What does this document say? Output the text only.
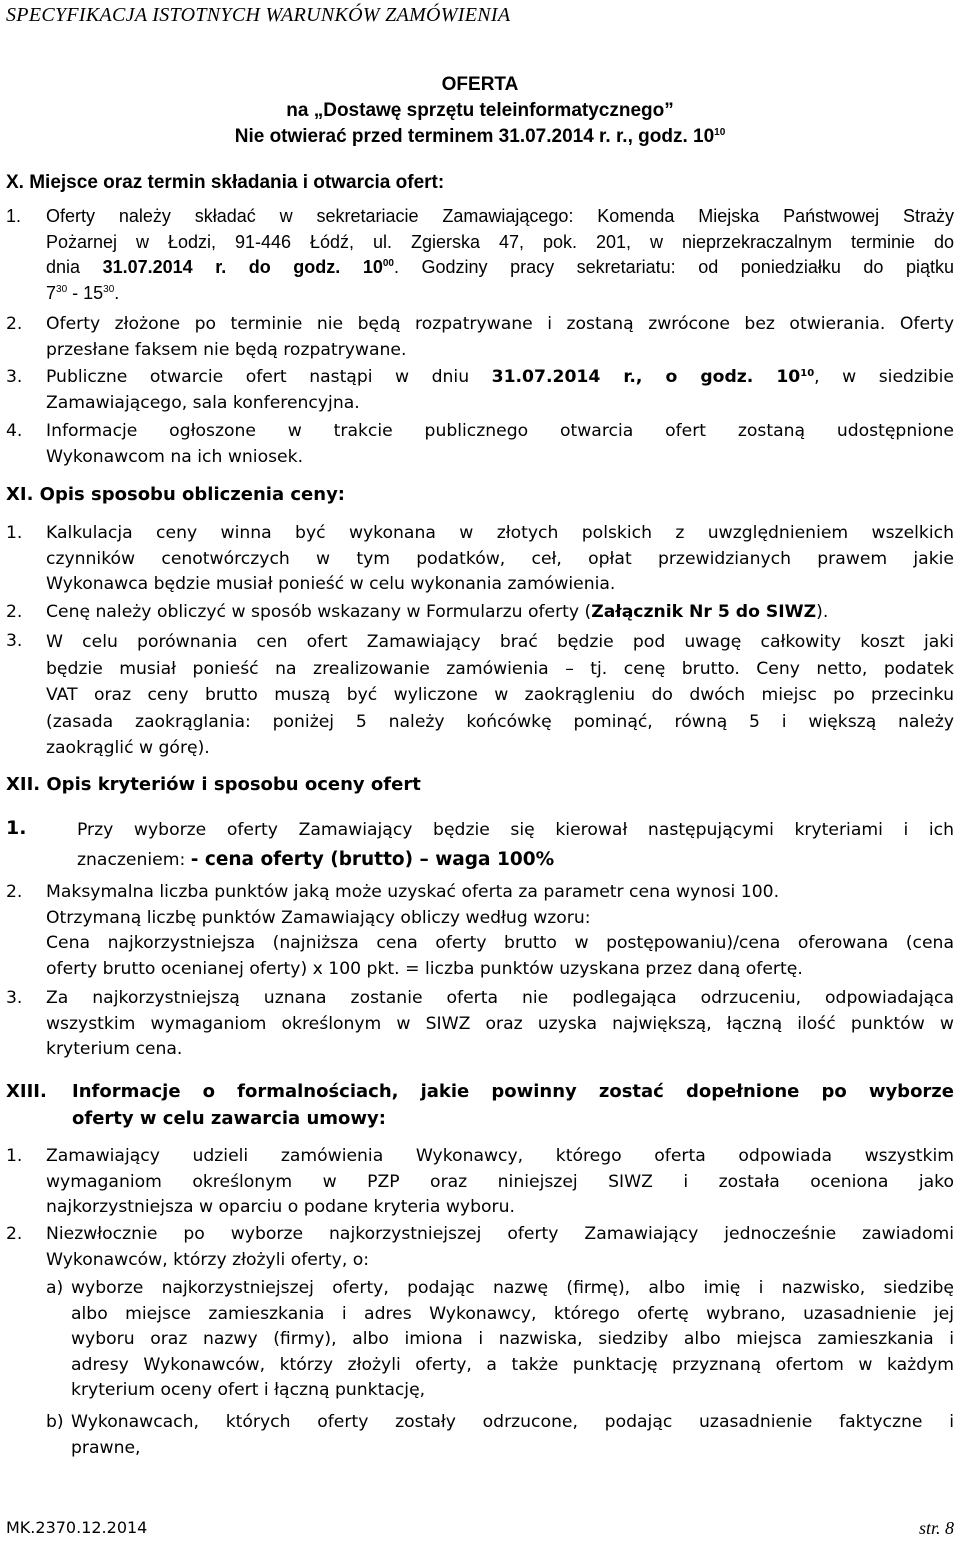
SPECYFIKACJA ISTOTNYCH WARUNKÓW ZAMÓWIENIA
OFERTA
na „Dostawę sprzętu teleinformatycznego”
Nie otwierać przed terminem 31.07.2014 r. r., godz. $10^{10}$
X. Miejsce oraz termin składania i otwarcia ofert:
1. Oferty należy składać w sekretariacie Zamawiającego: Komenda Miejska Państwowej Straży
Pożarnej w Łodzi, 91-446 Łódź, ul. Zgierska 47, pok. 201, w nieprzekraczalnym terminie do
dnia 31.07.2014 r. do godz. $10^{00}$. Godziny pracy sekretariatu: od poniedziałku do piątku
$7^{30} - 15^{30}$.
2. Oferty złożone po terminie nie będą rozpatrywane i zostaną zwrócone bez otwierania. Oferty
przesłane faksem nie będą rozpatrywane.
3. Publiczne otwarcie ofert nastąpi w dniu 31.07.2014 r., o godz. $10^{10}$, w siedzibie
Zamawiającego, sala konferencyjna.
4. Informacje ogłoszone w trakcie publicznego otwarcia ofert zostaną udostępnione
Wykonawcom na ich wniosek.
XI. Opis sposobu obliczenia ceny:
1. Kalkulacja ceny winna być wykonana w złotych polskich z uwzględnieniem wszelkich
czynników cenotwórczych w tym podatków, ceł, opłat przewidzianych prawem jakie
Wykonawca będzie musiał ponieść w celu wykonania zamówienia.
2. Cenę należy obliczyć w sposób wskazany w Formularzu oferty (Załącznik Nr 5 do SIWZ).
3. W celu porównania cen ofert Zamawiający brać będzie pod uwagę całkowity koszt jaki
będzie musiał ponieść na zrealizowanie zamówienia – tj. cenę brutto. Ceny netto, podatek
VAT oraz ceny brutto muszą być wyliczone w zaokrągleniu do dwóch miejsc po przecinku
(zasada zaokrąglania: poniżej 5 należy końcówkę pominąć, równą 5 i większą należy
zaokrąglić w górę).
XII. Opis kryteriów i sposobu oceny ofert
1.	Przy wyborze oferty Zamawiający będzie się kierował następującymi kryteriami i ich
znaczeniem: - cena oferty (brutto) – waga 100%
2. Maksymalna liczba punktów jaką może uzyskać oferta za parametr cena wynosi 100.
Otrzymaną liczbę punktów Zamawiający obliczy według wzoru:
Cena najkorzystniejsza (najniższa cena oferty brutto w postępowaniu)/cena oferowana (cena
oferty brutto ocenianej oferty) x 100 pkt. = liczba punktów uzyskana przez daną ofertę.
3. Za najkorzystniejszą uznana zostanie oferta nie podlegająca odrzuceniu, odpowiadająca
wszystkim wymaganiom określonym w SIWZ oraz uzyska największą, łączną ilość punktów w
kryterium cena.
XIII. Informacje o formalnościach, jakie powinny zostać dopełnione po wyborze
oferty w celu zawarcia umowy:
1. Zamawiający udzieli zamówienia Wykonawcy, którego oferta odpowiada wszystkim
wymaganiom określonym w PZP oraz niniejszej SIWZ i została oceniona jako
najkorzystniejsza w oparciu o podane kryteria wyboru.
2. Niezwłocznie po wyborze najkorzystniejszej oferty Zamawiający jednocześnie zawiadomi
Wykonawców, którzy złożyli oferty, o:
a) wyborze najkorzystniejszej oferty, podając nazwę (firmę), albo imię i nazwisko, siedzibę
albo miejsce zamieszkania i adres Wykonawcy, którego ofertę wybrano, uzasadnienie jej
wyboru oraz nazwy (firmy), albo imiona i nazwiska, siedziby albo miejsca zamieszkania i
adresy Wykonawców, którzy złożyli oferty, a także punktację przyznaną ofertom w każdym
kryterium oceny ofert i łączną punktację,
b) Wykonawcach, których oferty zostały odrzucone, podając uzasadnienie faktyczne i
prawne,
MK.2370.12.2014	str. 8
